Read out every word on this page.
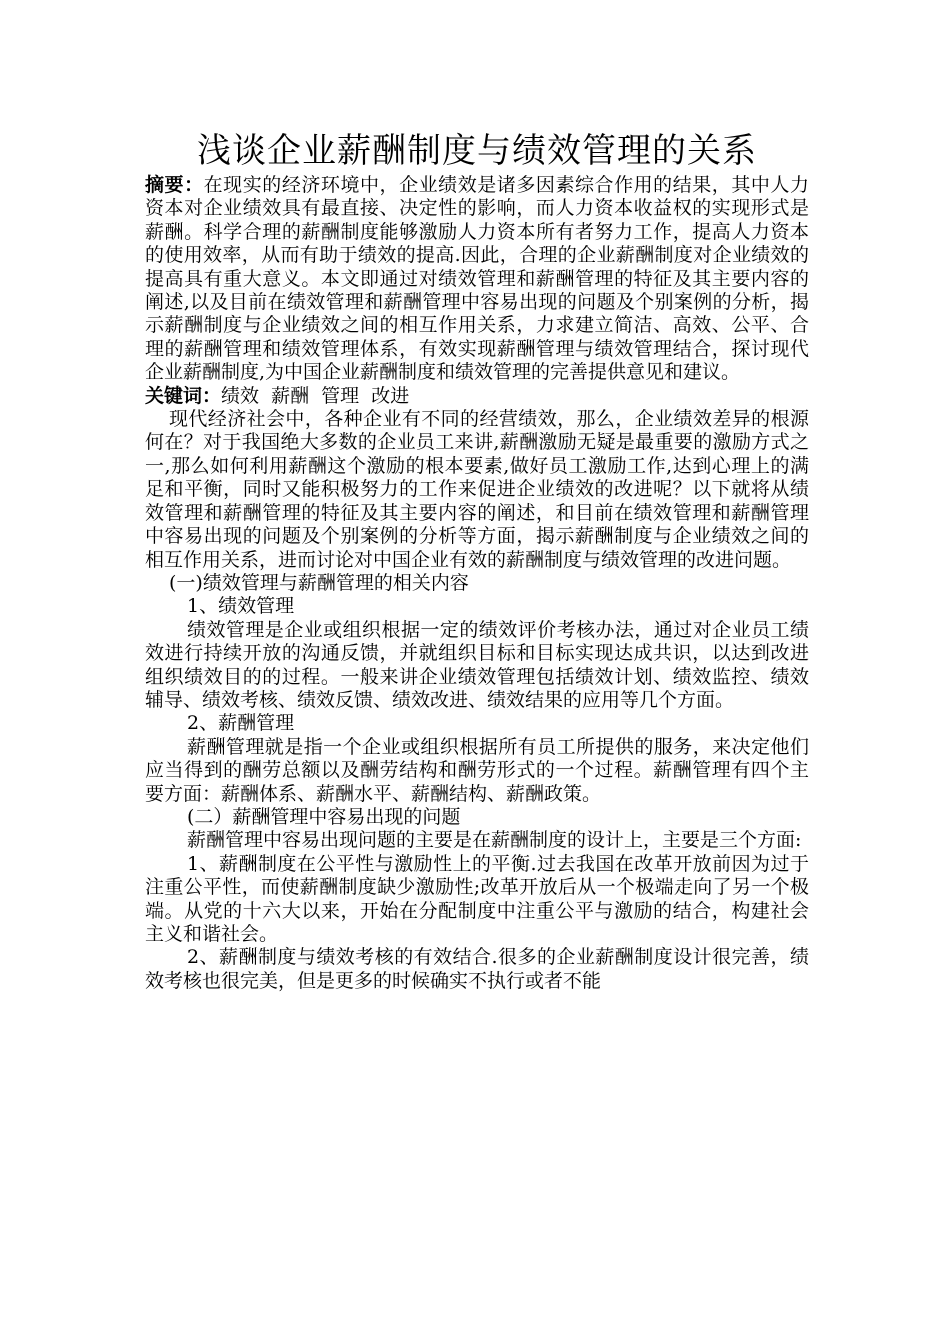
浅谈企业薪酬制度与绩效管理的关系

摘要：在现实的经济环境中，企业绩效是诸多因素综合作用的结果，其中人力资本对企业绩效具有最直接、决定性的影响，而人力资本收益权的实现形式是薪酬。科学合理的薪酬制度能够激励人力资本所有者努力工作，提高人力资本的使用效率，从而有助于绩效的提高.因此，合理的企业薪酬制度对企业绩效的提高具有重大意义。本文即通过对绩效管理和薪酬管理的特征及其主要内容的阐述,以及目前在绩效管理和薪酬管理中容易出现的问题及个别案例的分析，揭示薪酬制度与企业绩效之间的相互作用关系，力求建立简洁、高效、公平、合理的薪酬管理和绩效管理体系，有效实现薪酬管理与绩效管理结合，探讨现代企业薪酬制度,为中国企业薪酬制度和绩效管理的完善提供意见和建议。

关键词：绩效  薪酬  管理  改进

现代经济社会中，各种企业有不同的经营绩效，那么，企业绩效差异的根源何在？对于我国绝大多数的企业员工来讲,薪酬激励无疑是最重要的激励方式之一,那么如何利用薪酬这个激励的根本要素,做好员工激励工作,达到心理上的满足和平衡，同时又能积极努力的工作来促进企业绩效的改进呢？以下就将从绩效管理和薪酬管理的特征及其主要内容的阐述，和目前在绩效管理和薪酬管理中容易出现的问题及个别案例的分析等方面，揭示薪酬制度与企业绩效之间的相互作用关系，进而讨论对中国企业有效的薪酬制度与绩效管理的改进问题。

(一)绩效管理与薪酬管理的相关内容

1、绩效管理

绩效管理是企业或组织根据一定的绩效评价考核办法，通过对企业员工绩效进行持续开放的沟通反馈，并就组织目标和目标实现达成共识，以达到改进组织绩效目的的过程。一般来讲企业绩效管理包括绩效计划、绩效监控、绩效辅导、绩效考核、绩效反馈、绩效改进、绩效结果的应用等几个方面。

2、薪酬管理

薪酬管理就是指一个企业或组织根据所有员工所提供的服务，来决定他们应当得到的酬劳总额以及酬劳结构和酬劳形式的一个过程。薪酬管理有四个主要方面：薪酬体系、薪酬水平、薪酬结构、薪酬政策。

(二）薪酬管理中容易出现的问题

薪酬管理中容易出现问题的主要是在薪酬制度的设计上，主要是三个方面:

1、薪酬制度在公平性与激励性上的平衡.过去我国在改革开放前因为过于注重公平性，而使薪酬制度缺少激励性;改革开放后从一个极端走向了另一个极端。从党的十六大以来，开始在分配制度中注重公平与激励的结合，构建社会主义和谐社会。

2、薪酬制度与绩效考核的有效结合.很多的企业薪酬制度设计很完善，绩效考核也很完美，但是更多的时候确实不执行或者不能
